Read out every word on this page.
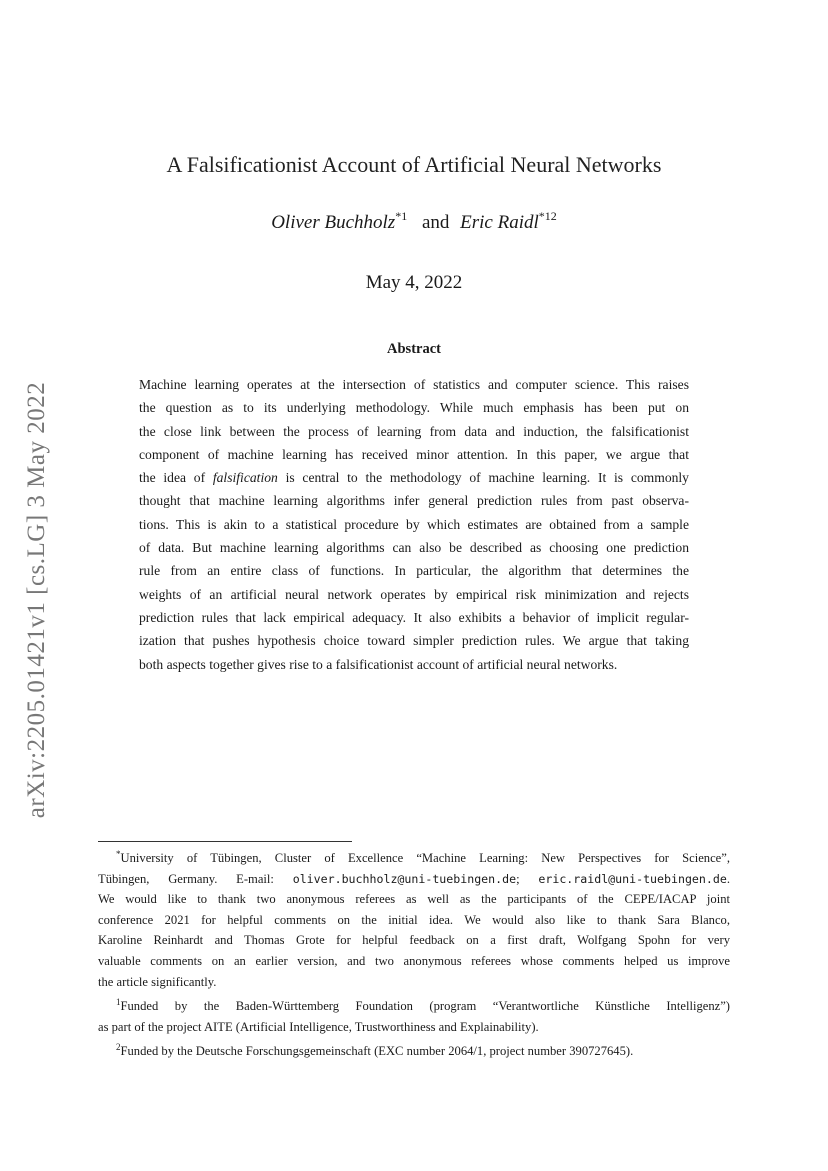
arXiv:2205.01421v1 [cs.LG] 3 May 2022
A Falsificationist Account of Artificial Neural Networks
Oliver Buchholz$^{*1}$ and Eric Raidl$^{*12}$
May 4, 2022
Abstract
Machine learning operates at the intersection of statistics and computer science. This raises
the question as to its underlying methodology. While much emphasis has been put on
the close link between the process of learning from data and induction, the falsificationist
component of machine learning has received minor attention. In this paper, we argue that
the idea of falsification is central to the methodology of machine learning. It is commonly
thought that machine learning algorithms infer general prediction rules from past observa-
tions. This is akin to a statistical procedure by which estimates are obtained from a sample
of data. But machine learning algorithms can also be described as choosing one prediction
rule from an entire class of functions. In particular, the algorithm that determines the
weights of an artificial neural network operates by empirical risk minimization and rejects
prediction rules that lack empirical adequacy. It also exhibits a behavior of implicit regular-
ization that pushes hypothesis choice toward simpler prediction rules. We argue that taking
both aspects together gives rise to a falsificationist account of artificial neural networks.
*University of Tübingen, Cluster of Excellence “Machine Learning: New Perspectives for Science”,
Tübingen, Germany. E-mail: oliver.buchholz@uni-tuebingen.de; eric.raidl@uni-tuebingen.de.
We would like to thank two anonymous referees as well as the participants of the CEPE/IACAP joint
conference 2021 for helpful comments on the initial idea. We would also like to thank Sara Blanco,
Karoline Reinhardt and Thomas Grote for helpful feedback on a first draft, Wolfgang Spohn for very
valuable comments on an earlier version, and two anonymous referees whose comments helped us improve
the article significantly.
$^1$Funded by the Baden-Württemberg Foundation (program “Verantwortliche Künstliche Intelligenz”)
as part of the project AITE (Artificial Intelligence, Trustworthiness and Explainability).
$^2$Funded by the Deutsche Forschungsgemeinschaft (EXC number 2064/1, project number 390727645).
